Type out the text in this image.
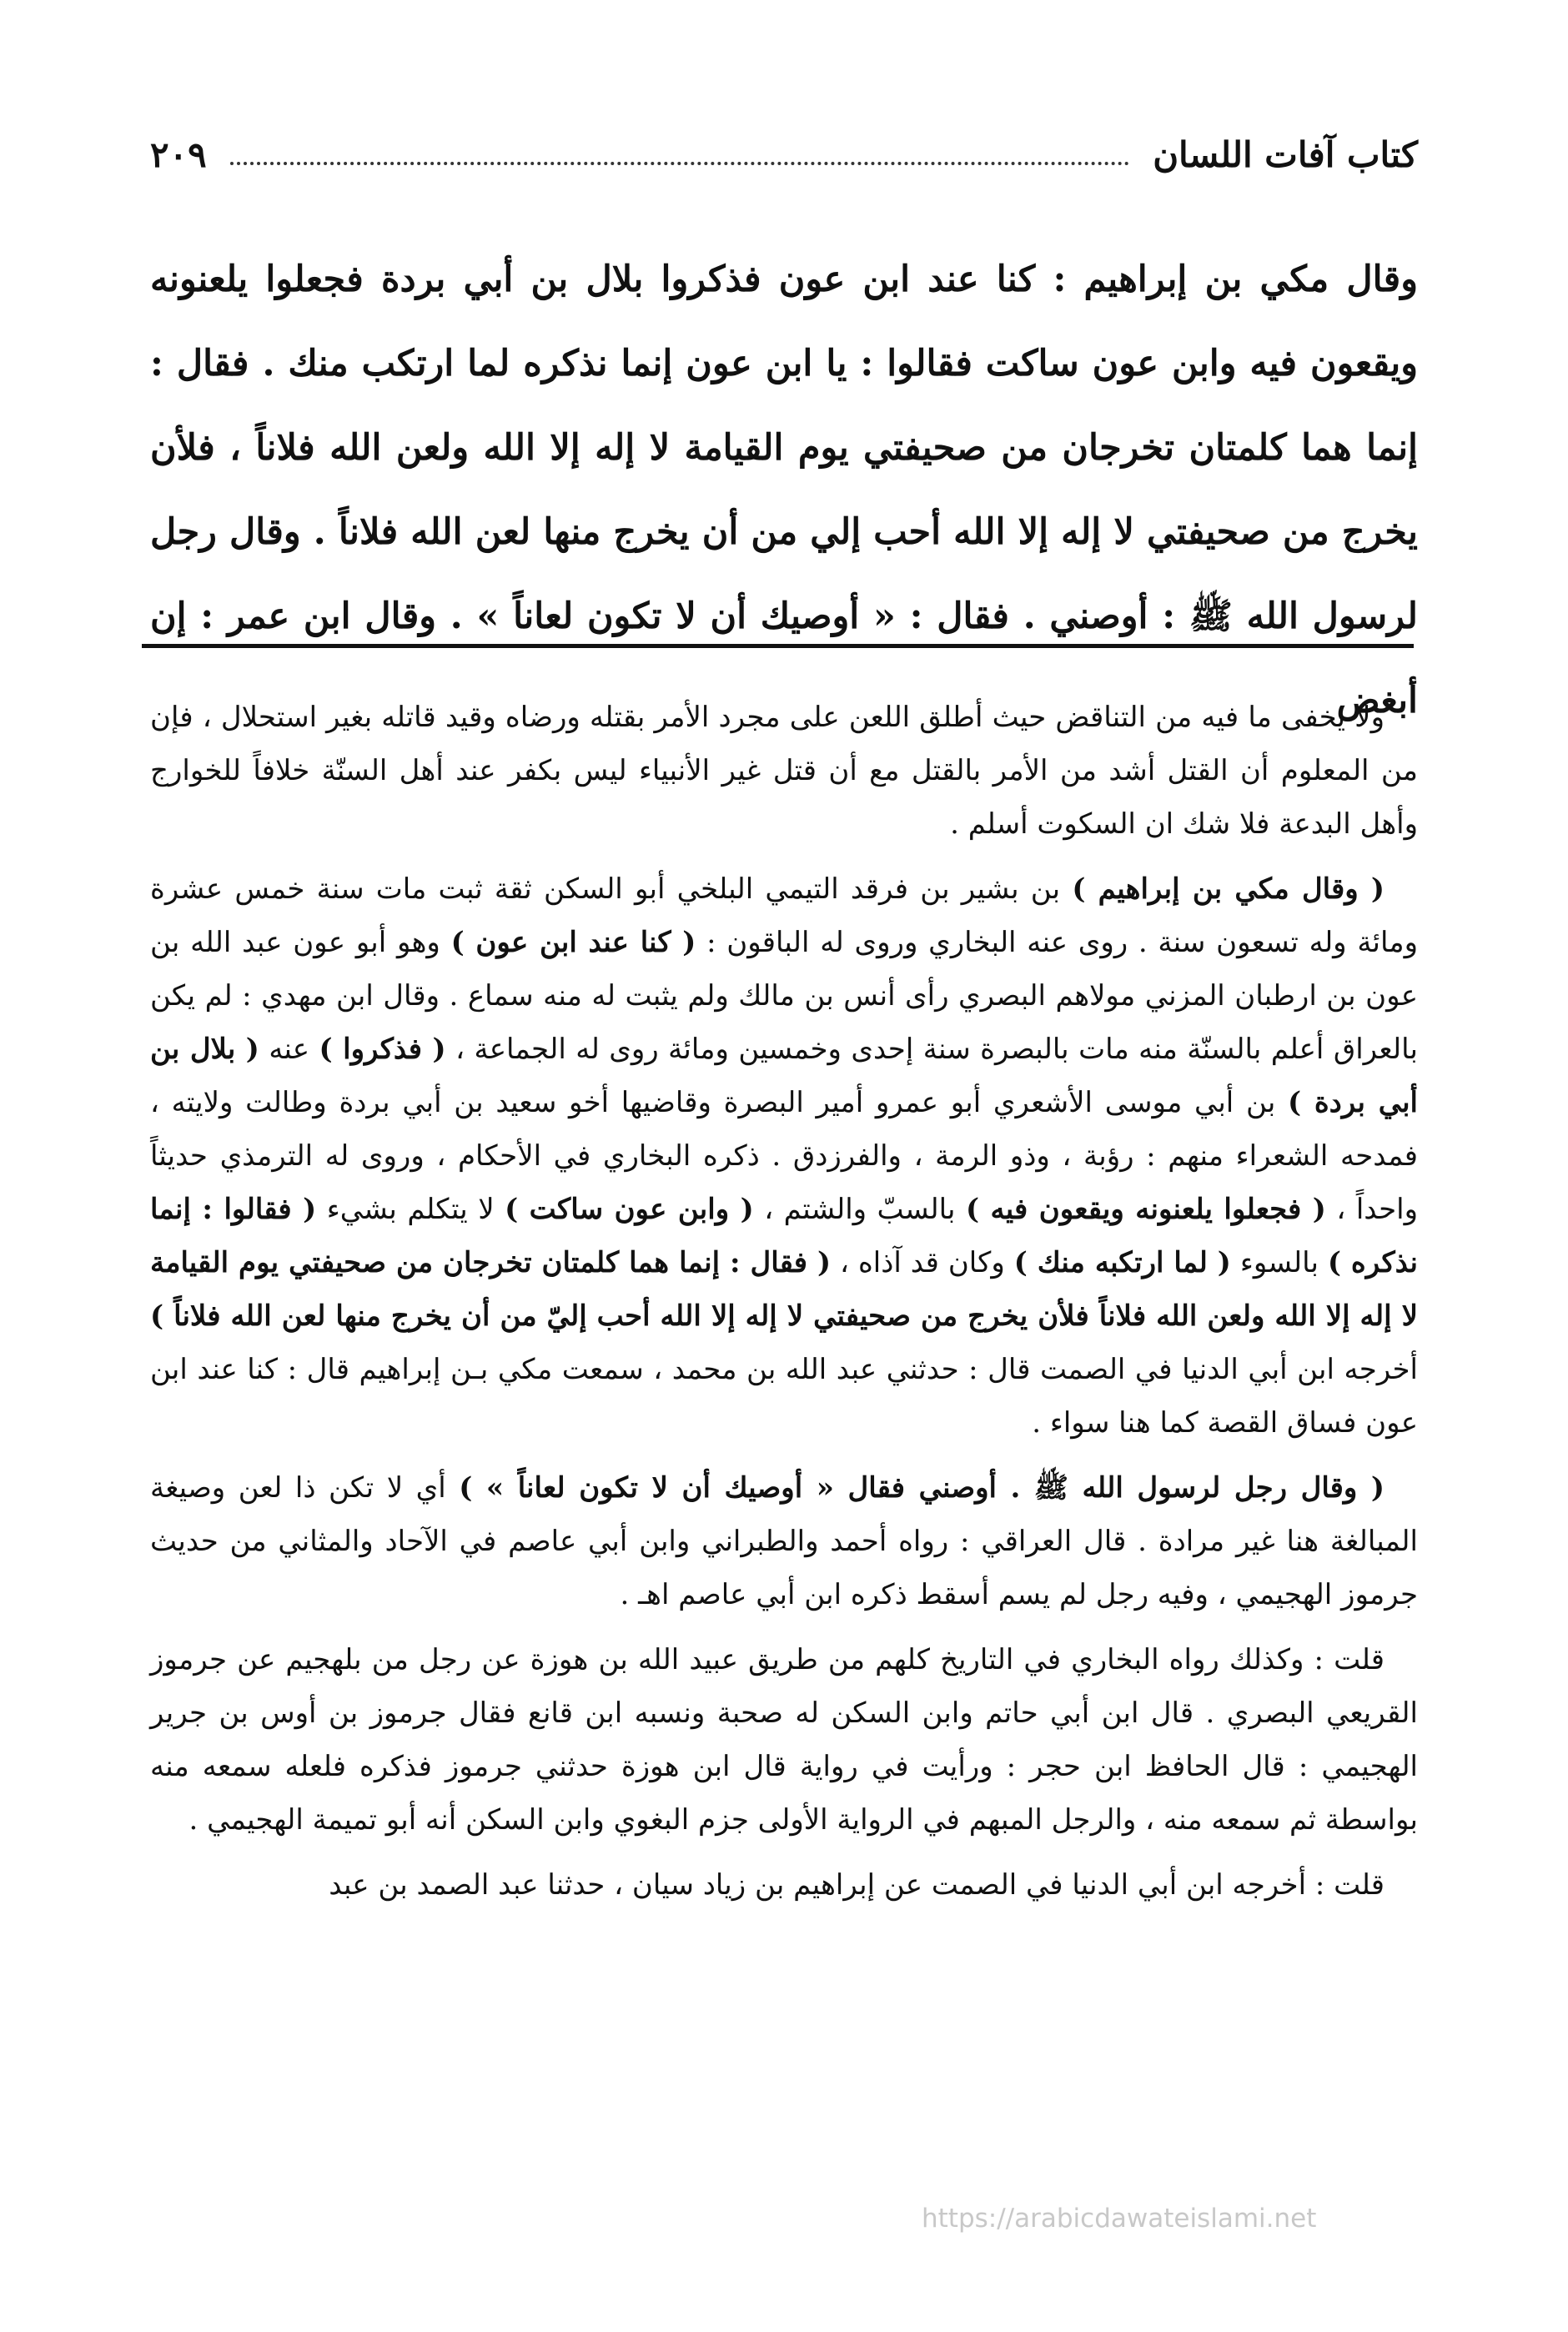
كتاب آفات اللسان
٢٠٩

وقال مكي بن إبراهيم : كنا عند ابن عون فذكروا بلال بن أبي بردة فجعلوا يلعنونه ويقعون فيه وابن عون ساكت فقالوا : يا ابن عون إنما نذكره لما ارتكب منك . فقال : إنما هما كلمتان تخرجان من صحيفتي يوم القيامة لا إله إلا الله ولعن الله فلاناً ، فلأن يخرج من صحيفتي لا إله إلا الله أحب إلي من أن يخرج منها لعن الله فلاناً . وقال رجل لرسول الله ﷺ : أوصني . فقال : « أوصيك أن لا تكون لعاناً » . وقال ابن عمر : إن أبغض

ولا يخفى ما فيه من التناقض حيث أطلق اللعن على مجرد الأمر بقتله ورضاه وقيد قاتله بغير استحلال ، فإن من المعلوم أن القتل أشد من الأمر بالقتل مع أن قتل غير الأنبياء ليس بكفر عند أهل السنّة خلافاً للخوارج وأهل البدعة فلا شك ان السكوت أسلم .

( وقال مكي بن إبراهيم ) بن بشير بن فرقد التيمي البلخي أبو السكن ثقة ثبت مات سنة خمس عشرة ومائة وله تسعون سنة . روى عنه البخاري وروى له الباقون : ( كنا عند ابن عون ) وهو أبو عون عبد الله بن عون بن ارطبان المزني مولاهم البصري رأى أنس بن مالك ولم يثبت له منه سماع . وقال ابن مهدي : لم يكن بالعراق أعلم بالسنّة منه مات بالبصرة سنة إحدى وخمسين ومائة روى له الجماعة ، ( فذكروا ) عنه ( بلال بن أبي بردة ) بن أبي موسى الأشعري أبو عمرو أمير البصرة وقاضيها أخو سعيد بن أبي بردة وطالت ولايته ، فمدحه الشعراء منهم : رؤبة ، وذو الرمة ، والفرزدق . ذكره البخاري في الأحكام ، وروى له الترمذي حديثاً واحداً ، ( فجعلوا يلعنونه ويقعون فيه ) بالسبّ والشتم ، ( وابن عون ساكت ) لا يتكلم بشيء ( فقالوا : إنما نذكره ) بالسوء ( لما ارتكبه منك ) وكان قد آذاه ، ( فقال : إنما هما كلمتان تخرجان من صحيفتي يوم القيامة لا إله إلا الله ولعن الله فلاناً فلأن يخرج من صحيفتي لا إله إلا الله أحب إليّ من أن يخرج منها لعن الله فلاناً ) أخرجه ابن أبي الدنيا في الصمت قال : حدثني عبد الله بن محمد ، سمعت مكي بـن إبراهيم قال : كنا عند ابن عون فساق القصة كما هنا سواء .

( وقال رجل لرسول الله ﷺ . أوصني فقال « أوصيك أن لا تكون لعاناً » ) أي لا تكن ذا لعن وصيغة المبالغة هنا غير مرادة . قال العراقي : رواه أحمد والطبراني وابن أبي عاصم في الآحاد والمثاني من حديث جرموز الهجيمي ، وفيه رجل لم يسم أسقط ذكره ابن أبي عاصم اهـ .

قلت : وكذلك رواه البخاري في التاريخ كلهم من طريق عبيد الله بن هوزة عن رجل من بلهجيم عن جرموز القريعي البصري . قال ابن أبي حاتم وابن السكن له صحبة ونسبه ابن قانع فقال جرموز بن أوس بن جرير الهجيمي : قال الحافظ ابن حجر : ورأيت في رواية قال ابن هوزة حدثني جرموز فذكره فلعله سمعه منه بواسطة ثم سمعه منه ، والرجل المبهم في الرواية الأولى جزم البغوي وابن السكن أنه أبو تميمة الهجيمي .

قلت : أخرجه ابن أبي الدنيا في الصمت عن إبراهيم بن زياد سيان ، حدثنا عبد الصمد بن عبد

https://arabicdawateislami.net
